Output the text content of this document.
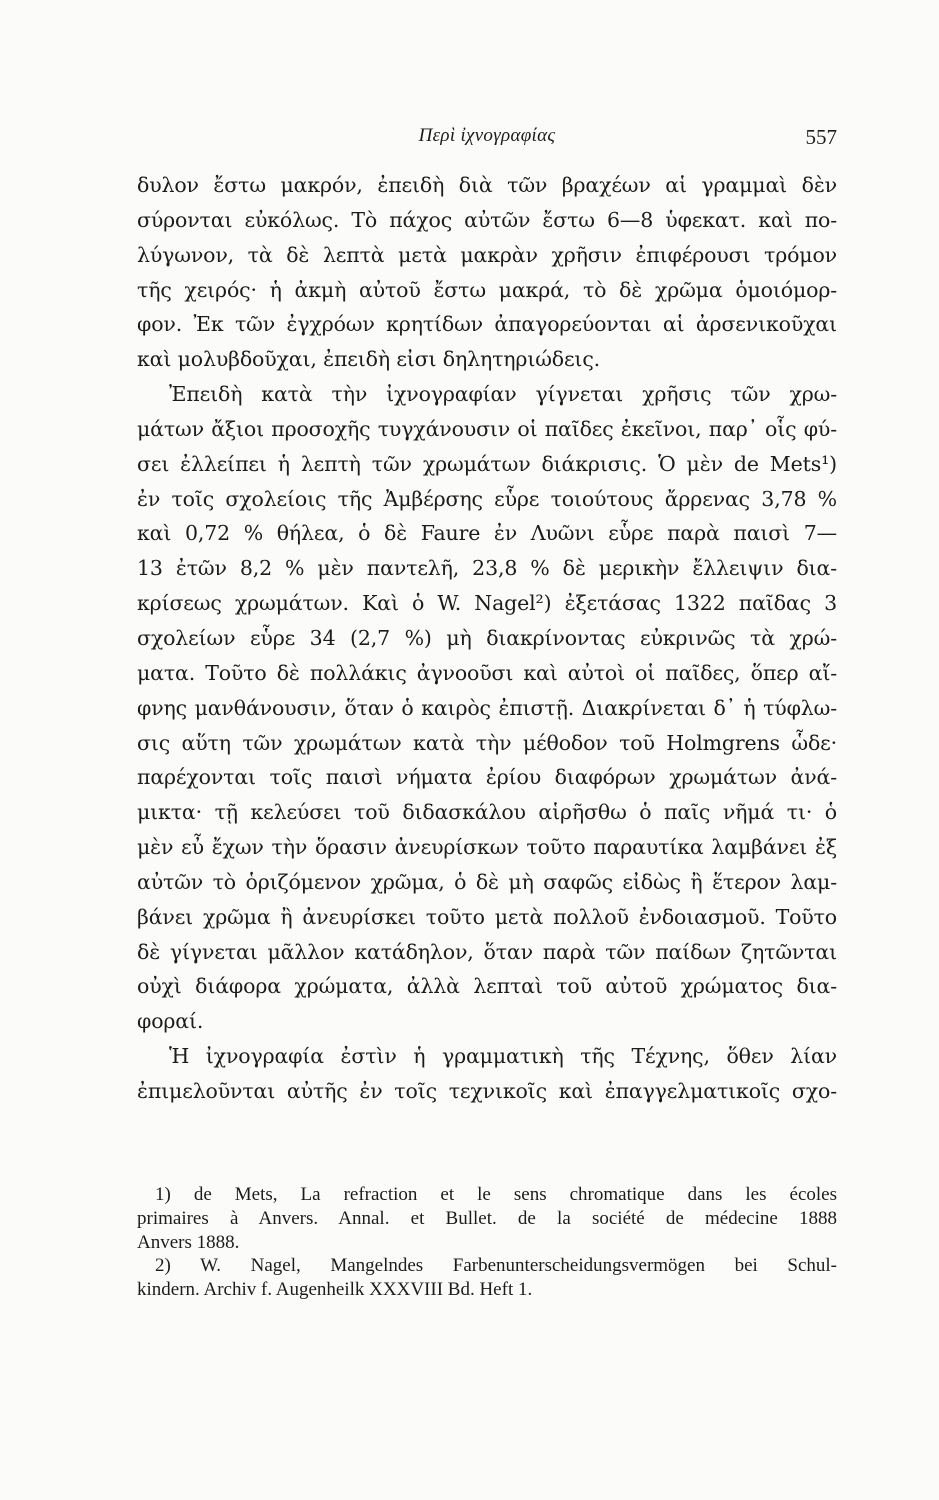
Περὶ ἰχνογραφίας	557
δυλον ἔστω μακρόν, ἐπειδὴ διὰ τῶν βραχέων αἱ γραμμαὶ δὲν
σύρονται εὐκόλως. Τὸ πάχος αὐτῶν ἔστω 6—8 ὑφεκατ. καὶ πο-
λύγωνον, τὰ δὲ λεπτὰ μετὰ μακρὰν χρῆσιν ἐπιφέρουσι τρόμον
τῆς χειρός· ἡ ἀκμὴ αὐτοῦ ἔστω μακρά, τὸ δὲ χρῶμα ὁμοιόμορ-
φον. Ἐκ τῶν ἐγχρόων κρητίδων ἀπαγορεύονται αἱ ἀρσενικοῦχαι
καὶ μολυβδοῦχαι, ἐπειδὴ εἰσι δηλητηριώδεις.
Ἐπειδὴ κατὰ τὴν ἰχνογραφίαν γίγνεται χρῆσις τῶν χρω-
μάτων ἄξιοι προσοχῆς τυγχάνουσιν οἱ παῖδες ἐκεῖνοι, παρ᾽ οἷς φύ-
σει ἐλλείπει ἡ λεπτὴ τῶν χρωμάτων διάκρισις. Ὁ μὲν de Mets¹)
ἐν τοῖς σχολείοις τῆς Ἀμβέρσης εὗρε τοιούτους ἄρρενας 3,78 %
καὶ 0,72 % θήλεα, ὁ δὲ Faure ἐν Λυῶνι εὗρε παρὰ παισὶ 7—
13 ἐτῶν 8,2 % μὲν παντελῆ, 23,8 % δὲ μερικὴν ἔλλειψιν δια-
κρίσεως χρωμάτων. Καὶ ὁ W. Nagel²) ἐξετάσας 1322 παῖδας 3
σχολείων εὗρε 34 (2,7 %) μὴ διακρίνοντας εὐκρινῶς τὰ χρώ-
ματα. Τοῦτο δὲ πολλάκις ἀγνοοῦσι καὶ αὐτοὶ οἱ παῖδες, ὅπερ αἴ-
φνης μανθάνουσιν, ὅταν ὁ καιρὸς ἐπιστῇ. Διακρίνεται δ᾽ ἡ τύφλω-
σις αὕτη τῶν χρωμάτων κατὰ τὴν μέθοδον τοῦ Holmgrens ὧδε·
παρέχονται τοῖς παισὶ νήματα ἐρίου διαφόρων χρωμάτων ἀνά-
μικτα· τῇ κελεύσει τοῦ διδασκάλου αἱρῆσθω ὁ παῖς νῆμά τι· ὁ
μὲν εὖ ἔχων τὴν ὅρασιν ἀνευρίσκων τοῦτο παραυτίκα λαμβάνει ἐξ
αὐτῶν τὸ ὁριζόμενον χρῶμα, ὁ δὲ μὴ σαφῶς εἰδὼς ἢ ἕτερον λαμ-
βάνει χρῶμα ἢ ἀνευρίσκει τοῦτο μετὰ πολλοῦ ἐνδοιασμοῦ. Τοῦτο
δὲ γίγνεται μᾶλλον κατάδηλον, ὅταν παρὰ τῶν παίδων ζητῶνται
οὐχὶ διάφορα χρώματα, ἀλλὰ λεπταὶ τοῦ αὐτοῦ χρώματος δια-
φοραί.
Ἡ ἰχνογραφία ἐστὶν ἡ γραμματικὴ τῆς Τέχνης, ὅθεν λίαν
ἐπιμελοῦνται αὐτῆς ἐν τοῖς τεχνικοῖς καὶ ἐπαγγελματικοῖς σχο-
1) de Mets, La refraction et le sens chromatique dans les écoles
primaires à Anvers. Annal. et Bullet. de la société de médecine 1888
Anvers 1888.
2) W. Nagel, Mangelndes Farbenunterscheidungsvermögen bei Schul-
kindern. Archiv f. Augenheilk XXXVIII Bd. Heft 1.
